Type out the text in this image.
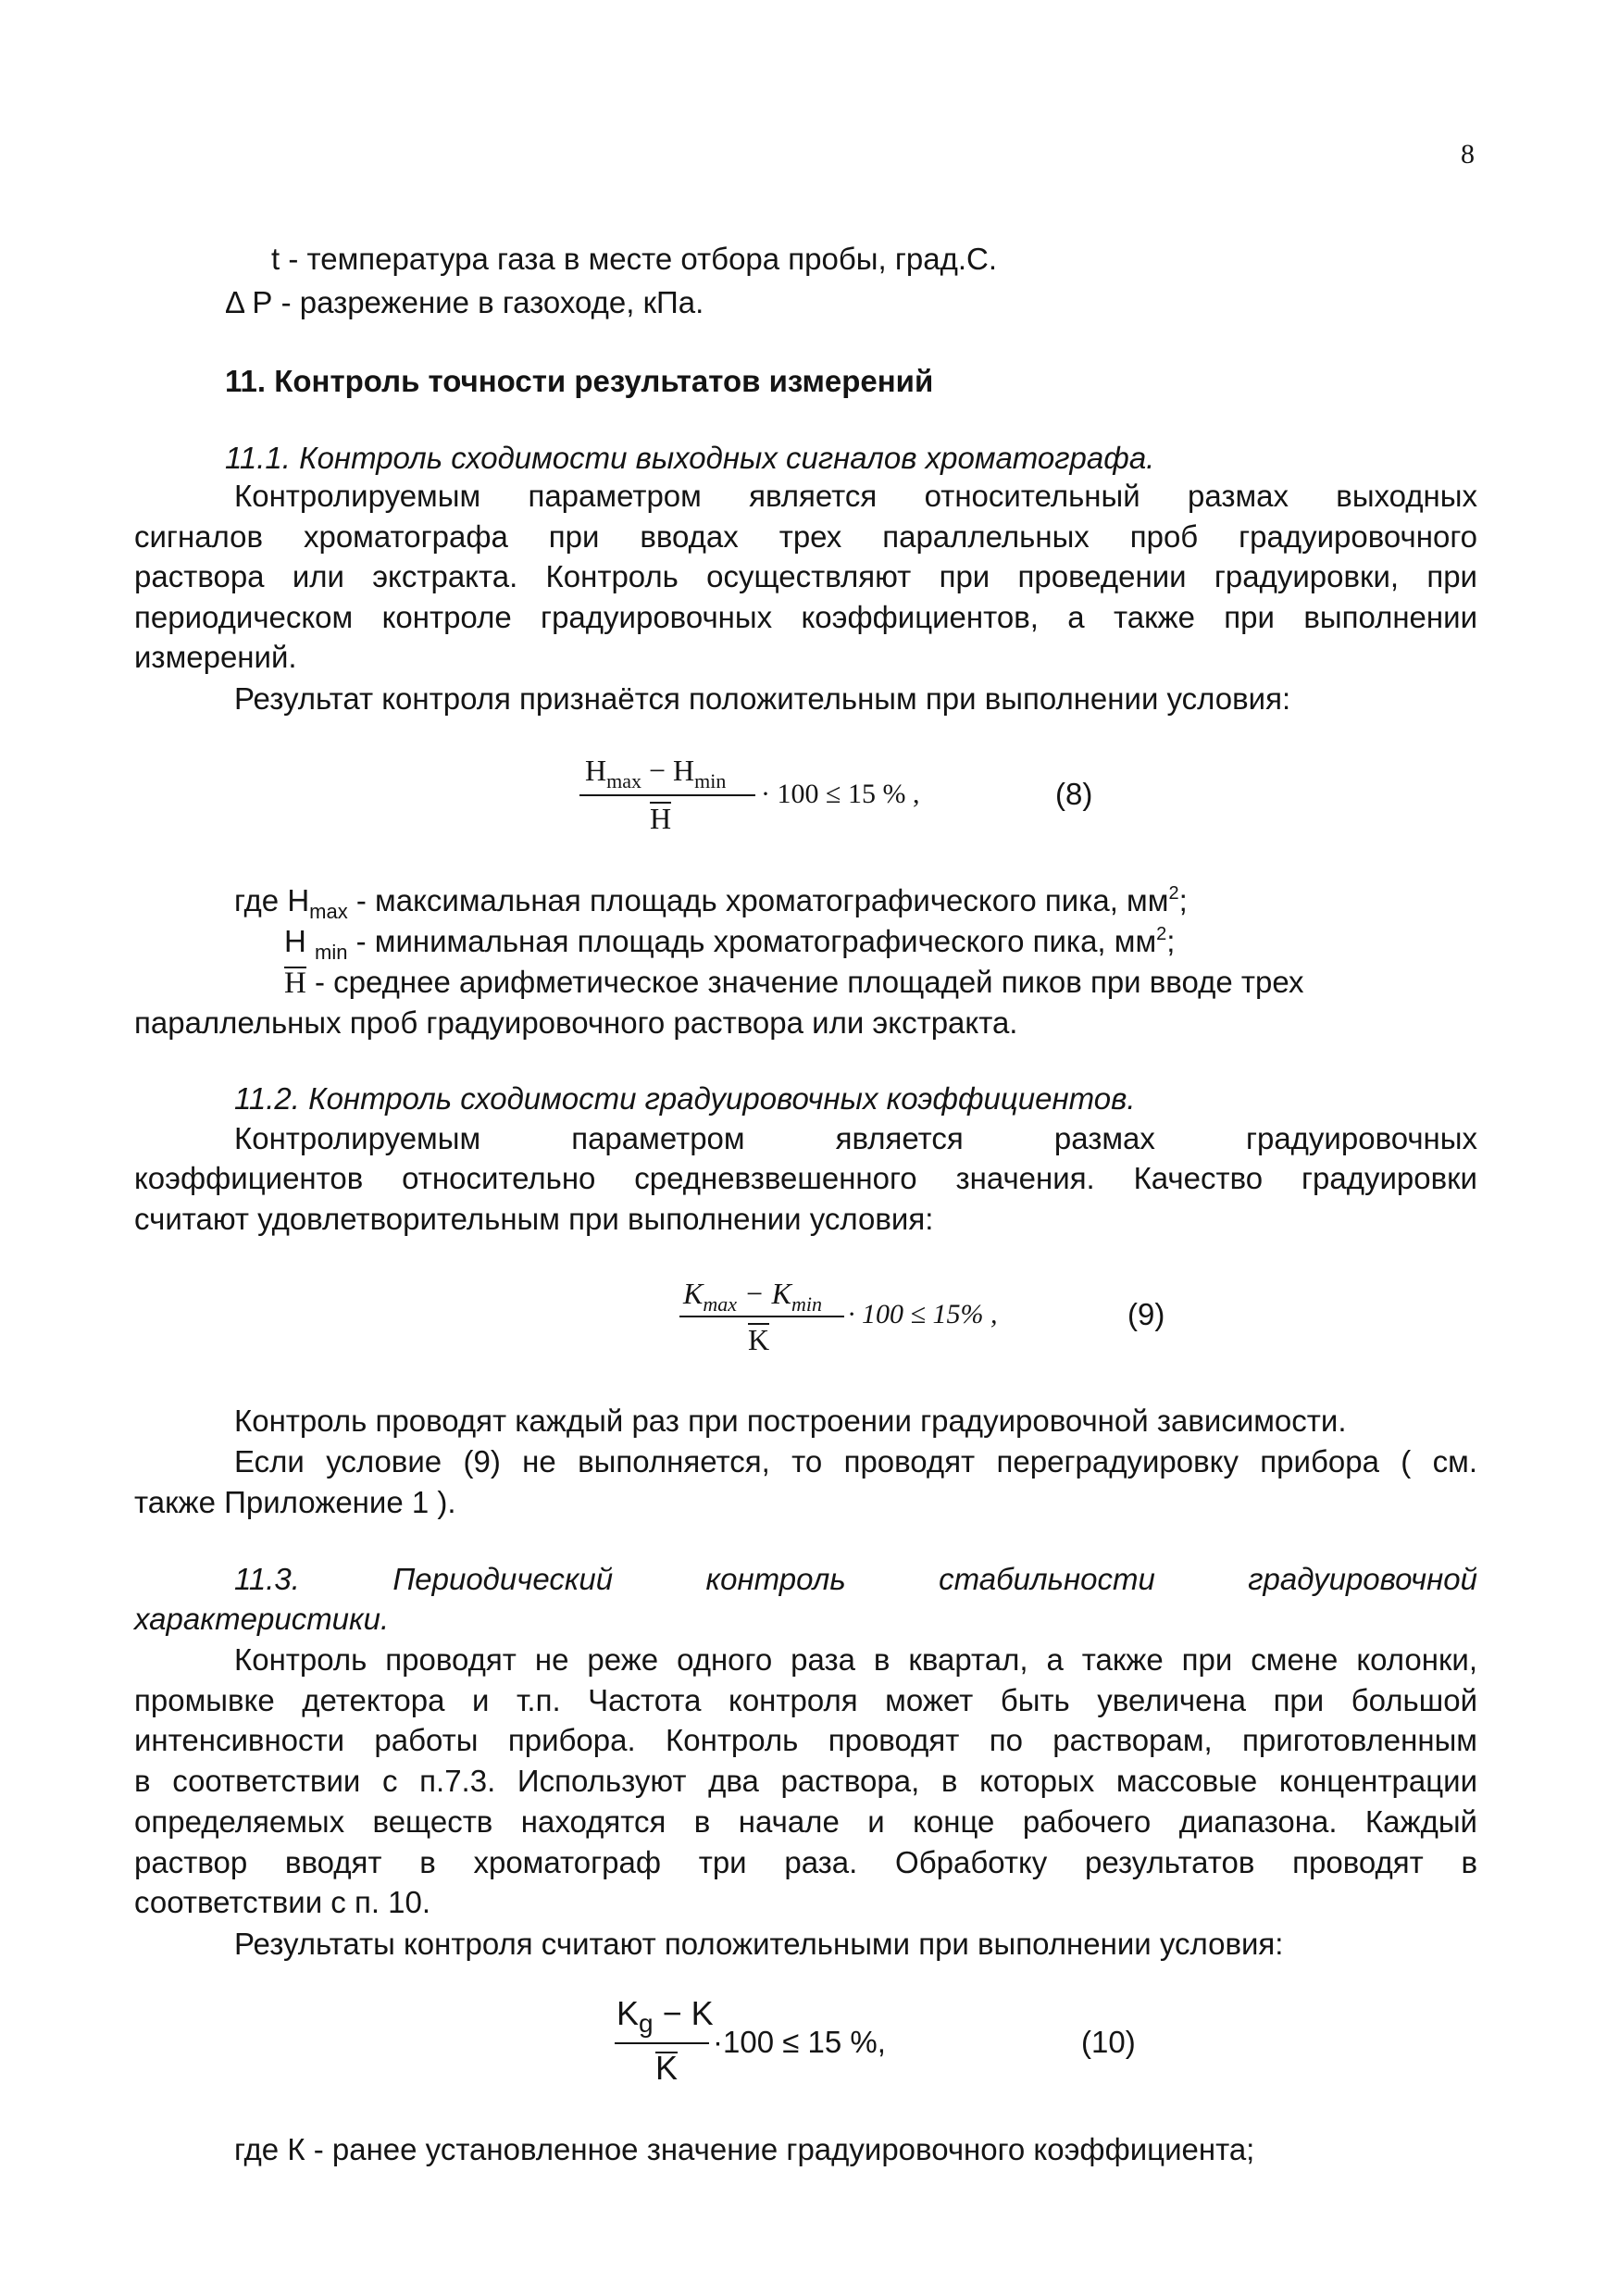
8
t - температура газа в месте отбора пробы, град.С.
Δ Р - разрежение в газоходе, кПа.
11. Контроль точности результатов измерений
11.1. Контроль сходимости выходных сигналов хроматографа.
Контролируемым параметром является относительный размах выходных
сигналов хроматографа при вводах трех параллельных проб градуировочного
раствора или экстракта. Контроль осуществляют при проведении градуировки, при
периодическом контроле градуировочных коэффициентов, а также при выполнении
измерений.
Результат контроля признаётся положительным при выполнении условия:
$H_{max} - H_{min} \cdot 100 \le 15$ % ,
H
(8)
где $H_{max}$ - максимальная площадь хроматографического пика, $мм^2$;
Н $_{min}$ - минимальная площадь хроматографического пика, $мм^2$;
H - среднее арифметическое значение площадей пиков при вводе трех
параллельных проб градуировочного раствора или экстракта.
11.2. Контроль сходимости градуировочных коэффициентов.
Контролируемым параметром является размах градуировочных
коэффициентов относительно средневзвешенного значения. Качество градуировки
считают удовлетворительным при выполнении условия:
$K_{max} - K_{min} \cdot 100 \le 15\%$ ,
K
(9)
Контроль проводят каждый раз при построении градуировочной зависимости.
Если условие (9) не выполняется, то проводят переградуировку прибора ( см.
также Приложение 1 ).
11.3.	Периодический	контроль	стабильности	градуировочной
характеристики.
Контроль проводят не реже одного раза в квартал, а также при смене колонки,
промывке детектора и т.п. Частота контроля может быть увеличена при большой
интенсивности работы прибора. Контроль проводят по растворам, приготовленным
в соответствии с п.7.3. Используют два раствора, в которых массовые концентрации
определяемых веществ находятся в начале и конце рабочего диапазона. Каждый
раствор вводят в хроматограф три раза. Обработку результатов проводят в
соответствии с п. 10.
Результаты контроля считают положительными при выполнении условия:
$K_g - K$
·100 ≤ 15 %,
K
(10)
где К - ранее установленное значение градуировочного коэффициента;
